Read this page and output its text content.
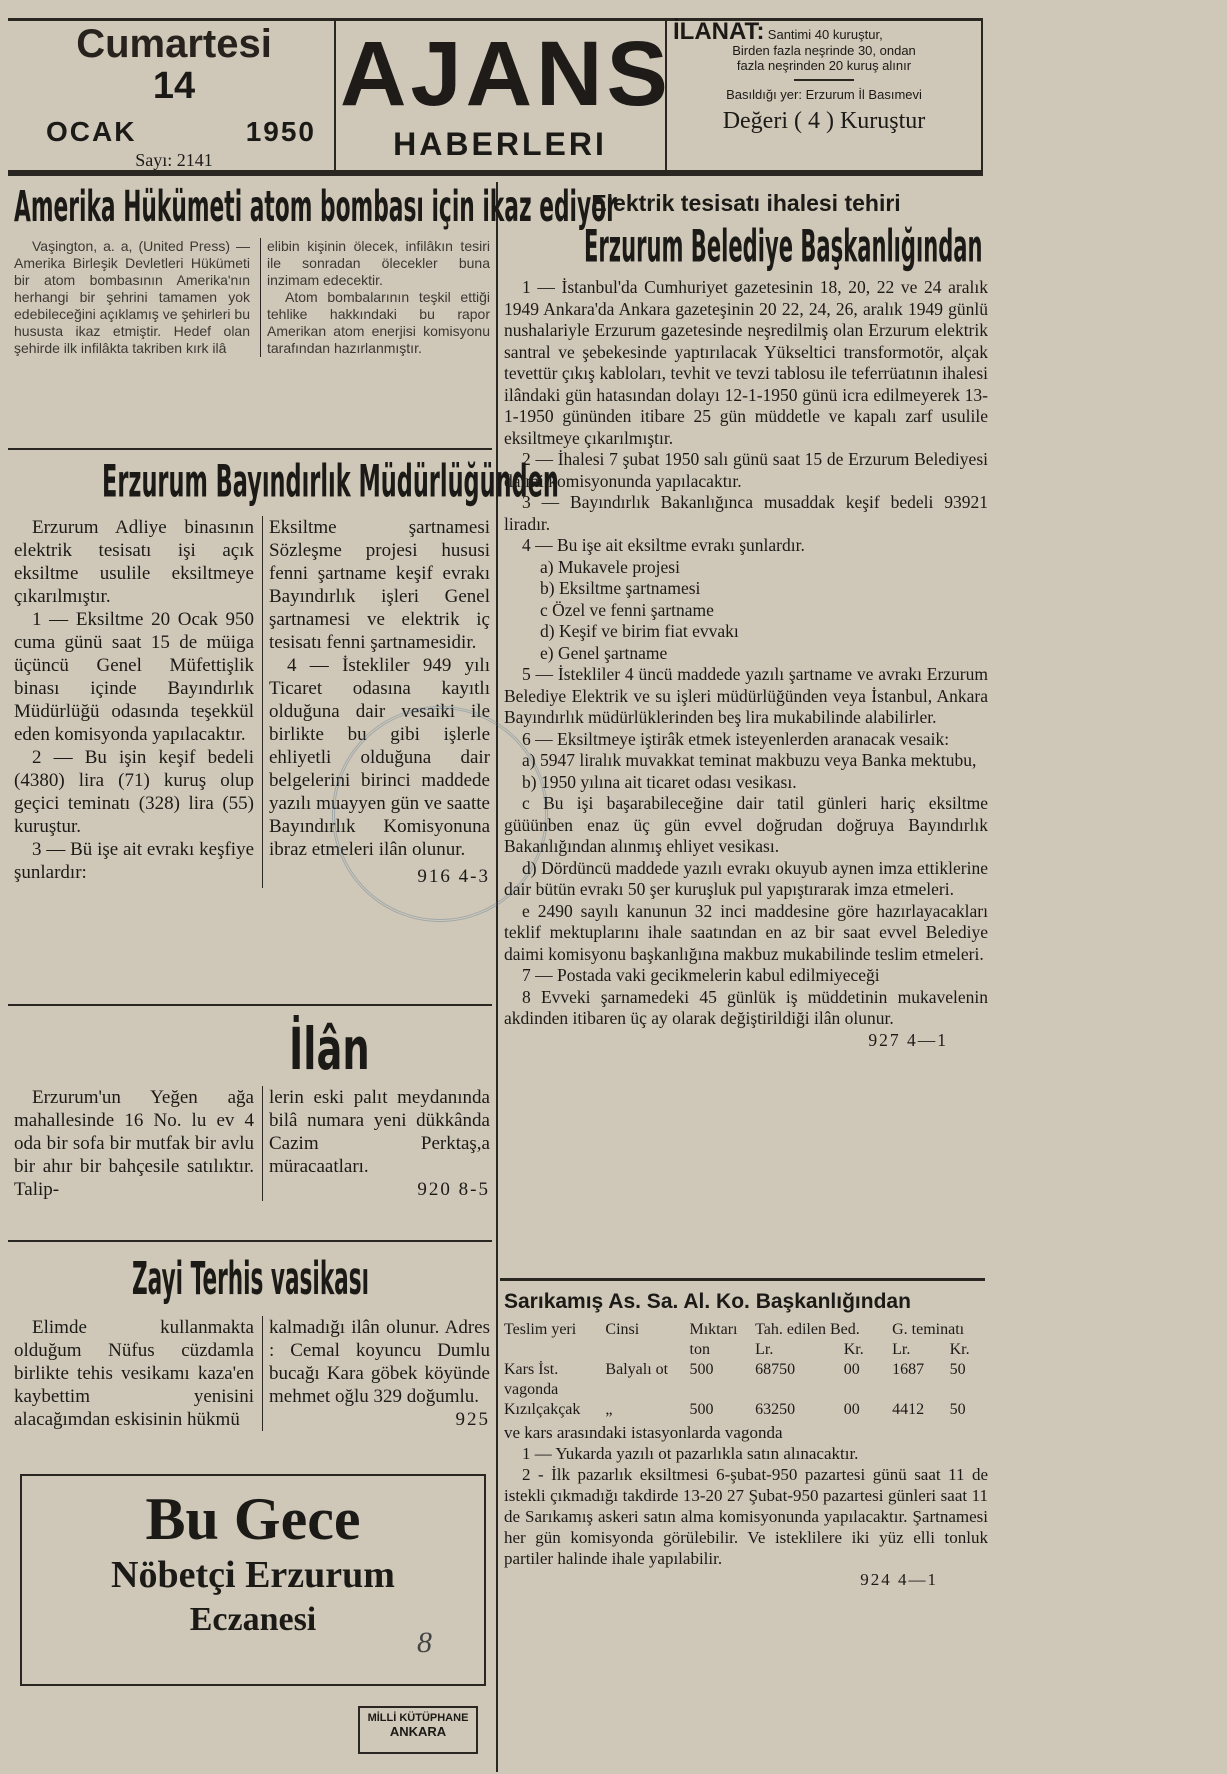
Cumartesi
14
OCAK	1950
Sayı: 2141
AJANS
HABERLERI
İLANAT: Santimi 40 kuruştur,
Birden fazla neşrinde 30, ondan
fazla neşrinden 20 kuruş alınır
Basıldığı yer: Erzurum İl Basımevi
Değeri ( 4 ) Kuruştur
Amerika Hükümeti atom bombası için ikaz ediyor

Vaşington, a. a, (United Press) — Amerika Birleşik Devletleri Hükümeti bir atom bombasının Amerika'nın herhangi bir şehrini tamamen yok edebileceğini açıklamış ve şehirleri bu hususta ikaz etmiştir. Hedef olan şehirde ilk infilâkta takriben kırk ilâ

elibin kişinin ölecek, infilâkın tesiri ile sonradan ölecekler buna inzimam edecektir.

Atom bombalarının teşkil ettiği tehlike hakkındaki bu rapor Amerikan atom enerjisi komisyonu tarafından hazırlanmıştır.

Erzurum Bayındırlık Müdürlüğünden

Erzurum Adliye binasının elektrik tesisatı işi açık eksiltme usulile eksiltmeye çıkarılmıştır.

1 — Eksiltme 20 Ocak 950 cuma günü saat 15 de müiga üçüncü Genel Müfettişlik binası içinde Bayındırlık Müdürlüğü odasında teşekkül eden komisyonda yapılacaktır.

2 — Bu işin keşif bedeli (4380) lira (71) kuruş olup geçici teminatı (328) lira (55) kuruştur.

3 — Bü işe ait evrakı keşfiye şunlardır:

Eksiltme şartnamesi Sözleşme projesi hususi fenni şartname keşif evrakı Bayındırlık işleri Genel şartnamesi ve elektrik iç tesisatı fenni şartnamesidir.

4 — İstekliler 949 yılı Ticaret odasına kayıtlı olduğuna dair vesaiki ile birlikte bu gibi işlerle ehliyetli olduğuna dair belgelerini birinci maddede yazılı muayyen gün ve saatte Bayındırlık Komisyonuna ibraz etmeleri ilân olunur.

916 4-3
İlân

Erzurum'un Yeğen ağa mahallesinde 16 No. lu ev 4 oda bir sofa bir mutfak bir avlu bir ahır bir bahçesile satılıktır. Talip-

lerin eski palıt meydanında bilâ numara yeni dükkânda Cazim Perktaş,a müracaatları.

920 8-5
Zayi Terhis vasikası

Elimde kullanmakta olduğum Nüfus cüzdamla birlikte tehis vesikamı kaza'en kaybettim yenisini alacağımdan eskisinin hükmü

kalmadığı ilân olunur. Adres : Cemal koyuncu Dumlu bucağı Kara göbek köyünde mehmet oğlu 329 doğumlu.

925
Bu Gece
Nöbetçi Erzurum
Eczanesi
8
MİLLİ KÜTÜPHANE
ANKARA
Elektrik tesisatı ihalesi tehiri
Erzurum Belediye Başkanlığından

1 — İstanbul'da Cumhuriyet gazetesinin 18, 20, 22 ve 24 aralık 1949 Ankara'da Ankara gazeteşinin 20 22, 24, 26, aralık 1949 günlü nushalariyle Erzurum gazetesinde neşredilmiş olan Erzurum elektrik santral ve şebekesinde yaptırılacak Yükseltici transformotör, alçak tevettür çıkış kabloları, tevhit ve tevzi tablosu ile teferrüatının ihalesi ilândaki gün hatasından dolayı 12-1-1950 günü icra edilmeyerek 13-1-1950 gününden itibare 25 gün müddetle ve kapalı zarf usulile eksiltmeye çıkarılmıştır.

2 — İhalesi 7 şubat 1950 salı günü saat 15 de Erzurum Belediyesi daimi komisyonunda yapılacaktır.

3 — Bayındırlık Bakanlığınca musaddak keşif bedeli 93921 liradır.

4 — Bu işe ait eksiltme evrakı şunlardır.

a) Mukavele projesi
b) Eksiltme şartnamesi
c Özel ve fenni şartname
d) Keşif ve birim fiat evvakı
e) Genel şartname

5 — İstekliler 4 üncü maddede yazılı şartname ve avrakı Erzurum Belediye Elektrik ve su işleri müdürlüğünden veya İstanbul, Ankara Bayındırlık müdürlüklerinden beş lira mukabilinde alabilirler.

6 — Eksiltmeye iştirâk etmek isteyenlerden aranacak vesaik:

a) 5947 liralık muvakkat teminat makbuzu veya Banka mektubu,

b) 1950 yılına ait ticaret odası vesikası.

c Bu işi başarabileceğine dair tatil günleri hariç eksiltme güüünben enaz üç gün evvel doğrudan doğruya Bayındırlık Bakanlığından alınmış ehliyet vesikası.

d) Dördüncü maddede yazılı evrakı okuyub aynen imza ettiklerine dair bütün evrakı 50 şer kuruşluk pul yapıştırarak imza etmeleri.

e 2490 sayılı kanunun 32 inci maddesine göre hazırlayacakları teklif mektuplarını ihale saatından en az bir saat evvel Belediye daimi komisyonu başkanlığına makbuz mukabilinde teslim etmeleri.

7 — Postada vaki gecikmelerin kabul edilmiyeceği

8 Evveki şarnamedeki 45 günlük iş müddetinin mukavelenin akdinden itibaren üç ay olarak değiştirildiği ilân olunur.

927 4—1
Sarıkamış As. Sa. Al. Ko. Başkanlığından
Teslim yeri	Cinsi	Mıktarı	Tah. edilen Bed.		G. teminatı	
		ton	Lr.	Kr.	Lr.	Kr.
Kars İst.	Balyalı ot	500	68750	00	1687	50
vagonda						
Kızılçakçak	„	500	63250	00	4412	50

ve kars arasındaki istasyonlarda vagonda

1 — Yukarda yazılı ot pazarlıkla satın alınacaktır.

2 - İlk pazarlık eksiltmesi 6-şubat-950 pazartesi günü saat 11 de istekli çıkmadığı takdirde 13-20 27 Şubat-950 pazartesi günleri saat 11 de Sarıkamış askeri satın alma komisyonunda yapılacaktır. Şartnamesi her gün komisyonda görülebilir. Ve isteklilere iki yüz elli tonluk partiler halinde ihale yapılabilir.

924 4—1
